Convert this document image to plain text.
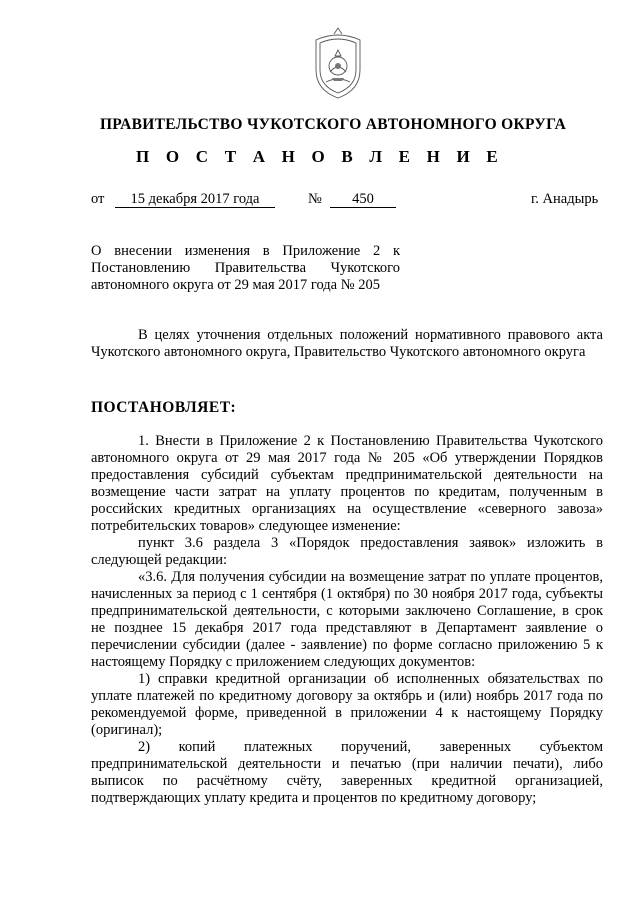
ПРАВИТЕЛЬСТВО ЧУКОТСКОГО АВТОНОМНОГО ОКРУГА
П О С Т А Н О В Л Е Н И Е
от	15 декабря 2017 года	№	450	г. Анадырь

О внесении изменения в Приложение 2 к

Постановлению Правительства Чукотского

автономного округа от 29 мая 2017 года № 205

В целях уточнения отдельных положений нормативного правового акта Чукотского автономного округа, Правительство Чукотского автономного округа

ПОСТАНОВЛЯЕТ:

1. Внести в Приложение 2 к Постановлению Правительства Чукотского автономного округа от 29 мая 2017 года № 205 «Об утверждении Порядков предоставления субсидий субъектам предпринимательской деятельности на возмещение части затрат на уплату процентов по кредитам, полученным в российских кредитных организациях на осуществление «северного завоза» потребительских товаров» следующее изменение:

пункт 3.6 раздела 3 «Порядок предоставления заявок» изложить в следующей редакции:

«3.6. Для получения субсидии на возмещение затрат по уплате процентов, начисленных за период с 1 сентября (1 октября) по 30 ноября 2017 года, субъекты предпринимательской деятельности, с которыми заключено Соглашение, в срок не позднее 15 декабря 2017 года представляют в Департамент заявление о перечислении субсидии (далее - заявление) по форме согласно приложению 5 к настоящему Порядку с приложением следующих документов:

1) справки кредитной организации об исполненных обязательствах по уплате платежей по кредитному договору за октябрь и (или) ноябрь 2017 года по рекомендуемой форме, приведенной в приложении 4 к настоящему Порядку (оригинал);

2) копий платежных поручений, заверенных субъектом предпринимательской деятельности и печатью (при наличии печати), либо выписок по расчётному счёту, заверенных кредитной организацией, подтверждающих уплату кредита и процентов по кредитному договору;
